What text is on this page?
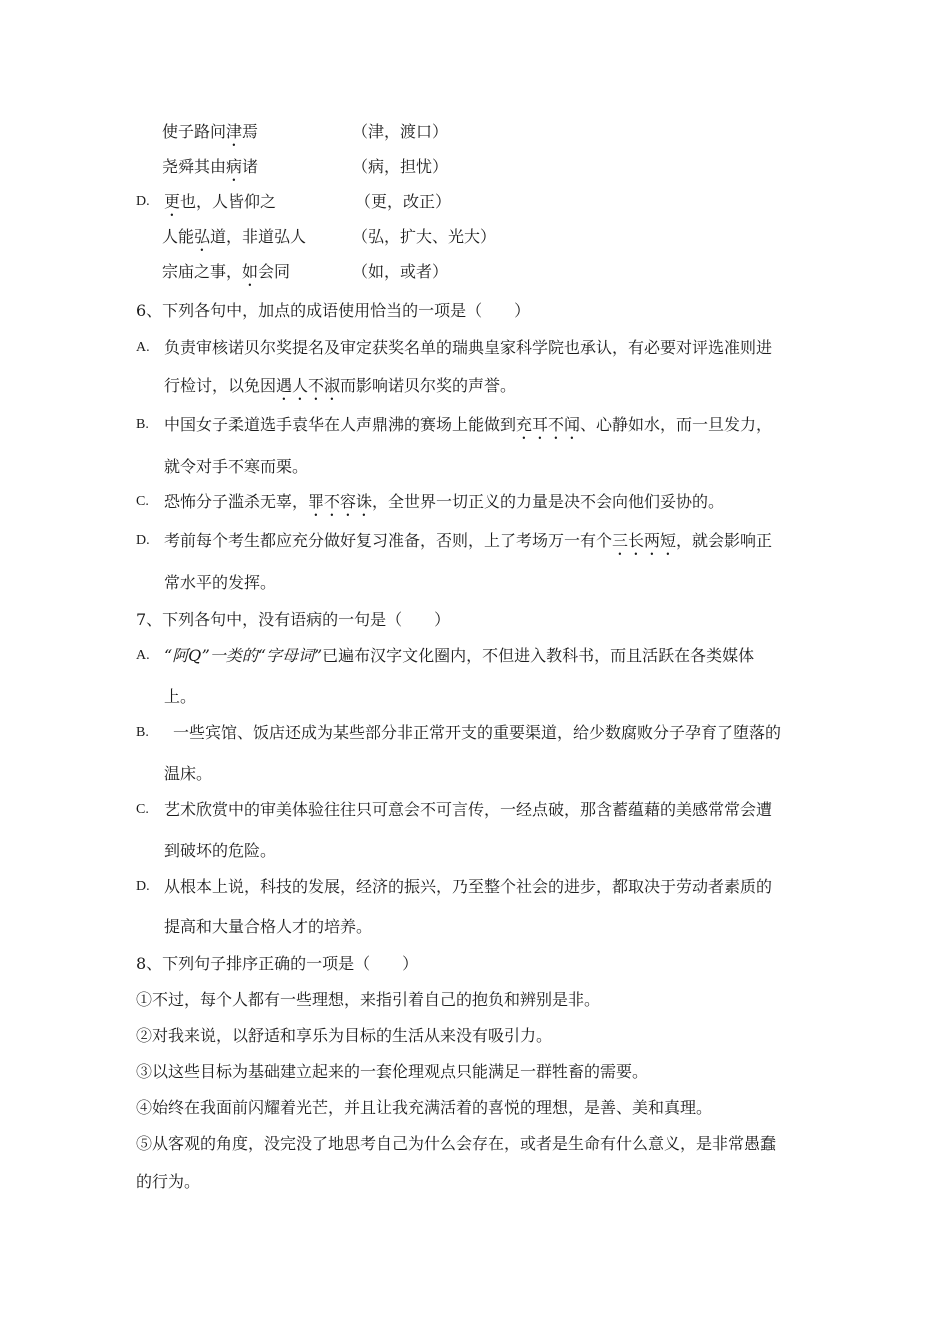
使子路问津焉	（津，渡口）
尧舜其由病诸	（病，担忧）
D. 更也，人皆仰之	（更，改正）
人能弘道，非道弘人	（弘，扩大、光大）
宗庙之事，如会同	（如，或者）
6、下列各句中，加点的成语使用恰当的一项是（　　）
A. 负责审核诺贝尔奖提名及审定获奖名单的瑞典皇家科学院也承认，有必要对评选准则进
行检讨，以免因遇人不淑而影响诺贝尔奖的声誉。
B. 中国女子柔道选手袁华在人声鼎沸的赛场上能做到充耳不闻、心静如水，而一旦发力，
就令对手不寒而栗。
C. 恐怖分子滥杀无辜，罪不容诛，全世界一切正义的力量是决不会向他们妥协的。
D. 考前每个考生都应充分做好复习准备，否则，上了考场万一有个三长两短，就会影响正
常水平的发挥。
7、下列各句中，没有语病的一句是（　　）
A. “阿Q”一类的“字母词”已遍布汉字文化圈内，不但进入教科书，而且活跃在各类媒体
上。
B. 一些宾馆、饭店还成为某些部分非正常开支的重要渠道，给少数腐败分子孕育了堕落的
温床。
C. 艺术欣赏中的审美体验往往只可意会不可言传，一经点破，那含蓄蕴藉的美感常常会遭
到破坏的危险。
D. 从根本上说，科技的发展，经济的振兴，乃至整个社会的进步，都取决于劳动者素质的
提高和大量合格人才的培养。
8、下列句子排序正确的一项是（　　）
①不过，每个人都有一些理想，来指引着自己的抱负和辨别是非。
②对我来说，以舒适和享乐为目标的生活从来没有吸引力。
③以这些目标为基础建立起来的一套伦理观点只能满足一群牲畜的需要。
④始终在我面前闪耀着光芒，并且让我充满活着的喜悦的理想，是善、美和真理。
⑤从客观的角度，没完没了地思考自己为什么会存在，或者是生命有什么意义，是非常愚蠢
的行为。
